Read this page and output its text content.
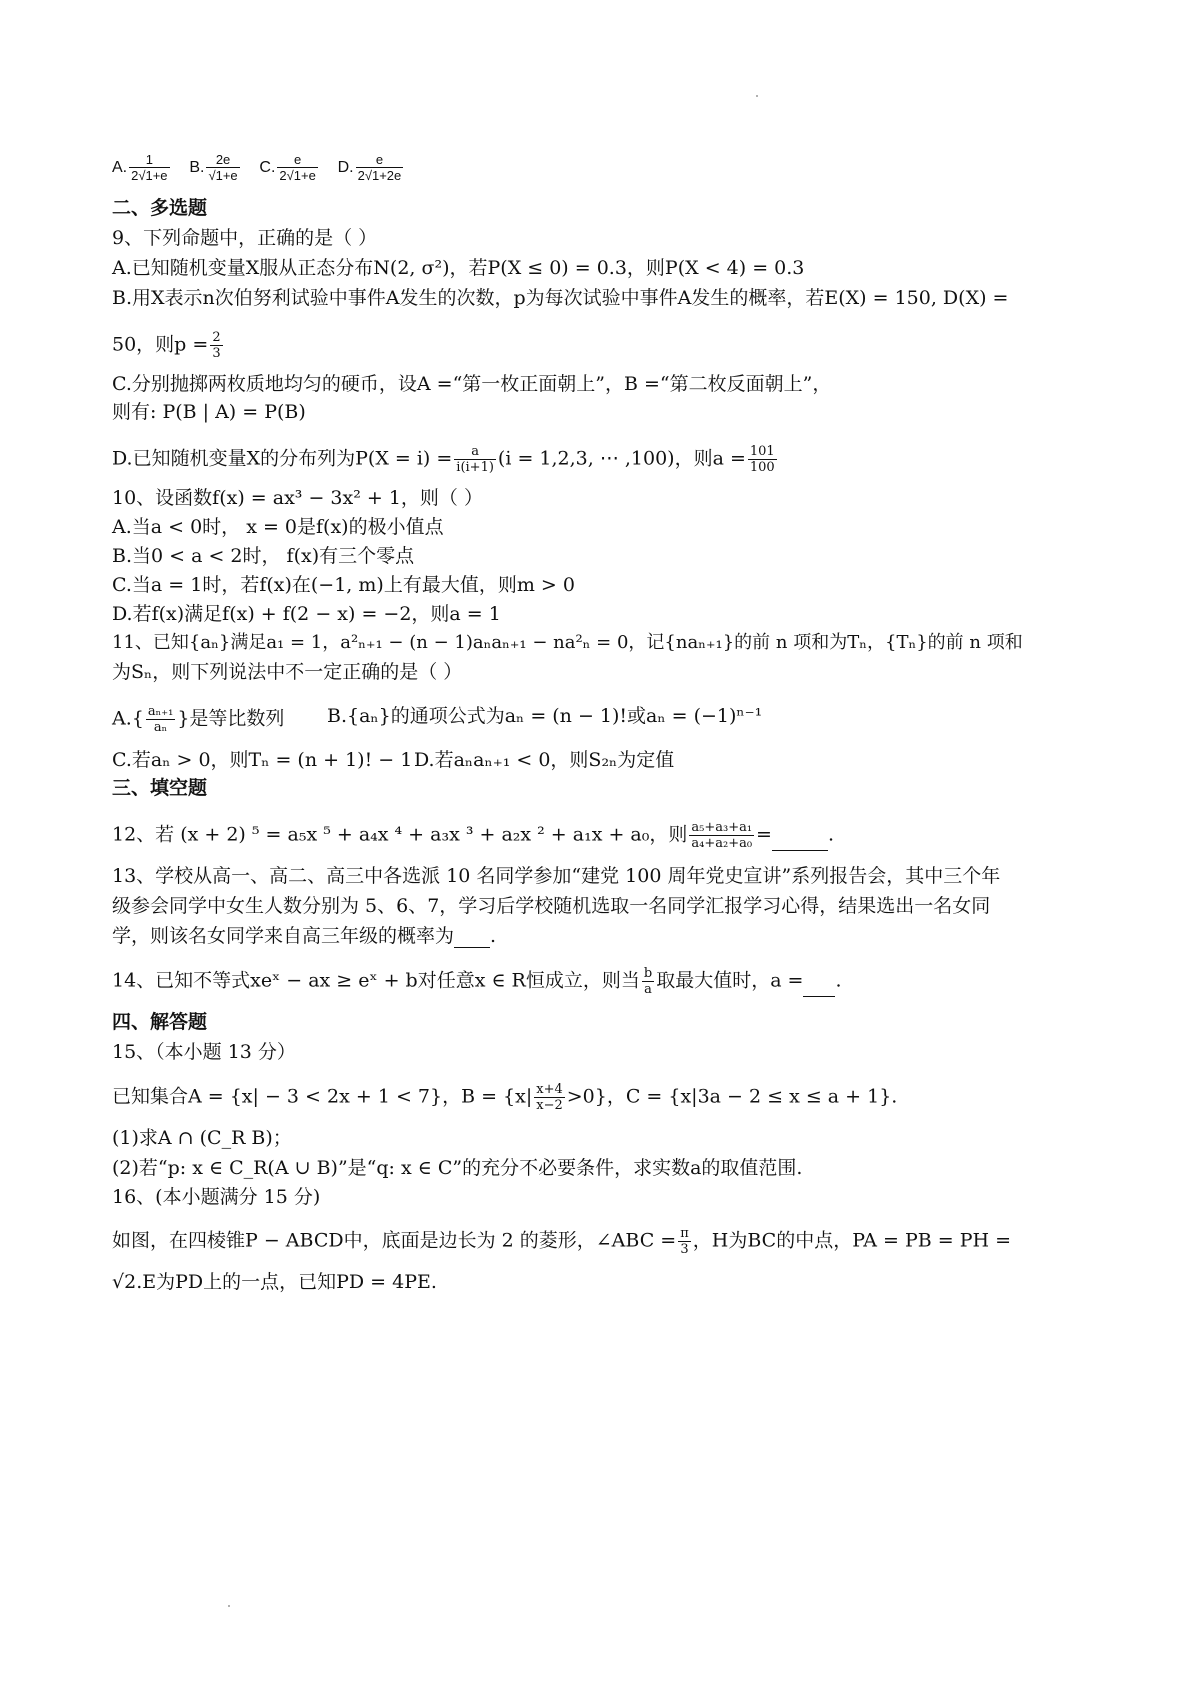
A. $\frac{1}{2√1+e} B$. $\frac{2e}{√1+e} C$. $\frac{e}{2√1+e} D$. $\frac{e}{2√1+2e}$
二、多选题
9、下列命题中，正确的是（ ）
A.已知随机变量X服从正态分布N(2, σ²)，若P(X ≤ 0) = 0.3，则P(X < 4) = 0.3
B.用X表示n次伯努利试验中事件A发生的次数，p为每次试验中事件A发生的概率，若E(X) = 150, D(X) =
50，则$p = \frac{2}{3}$
C.分别抛掷两枚质地均匀的硬币，设A =“第一枚正面朝上”，B =“第二枚反面朝上”，
则有: P(B | A) = P(B)
D.已知随机变量X的分布列为$P(X = i) = \frac{a}{i(i+1)} (i = 1,2,3$, ⋯ ,100)，则$a = \frac{101}{100}$
10、设函数f(x) = ax³ − 3x² + 1，则（ ）
A.当a < 0时， x = 0是f(x)的极小值点
B.当0 < a < 2时， f(x)有三个零点
C.当a = 1时，若f(x)在(−1, m)上有最大值，则m > 0
D.若f(x)满足f(x) + f(2 − x) = −2，则a = 1
11、已知{aₙ}满足a₁ = 1，a²ₙ₊₁ − (n − 1)aₙaₙ₊₁ − na²ₙ = 0，记{naₙ₊₁}的前 n 项和为Tₙ，{Tₙ}的前 n 项和
为Sₙ，则下列说法中不一定正确的是（ ）
$A.\{ \frac{\text{aₙ₊₁}}{\text{aₙ}}$ }是等比数列 B.{aₙ}的通项公式为aₙ = (n − 1)!或aₙ = (−1)ⁿ⁻¹
C.若aₙ > 0，则Tₙ = (n + 1)! − 1 D.若aₙaₙ₊₁ < 0，则S₂ₙ为定值
三、填空题
12、若 (x + 2) ⁵ = a₅x ⁵ + a₄x ⁴ + a₃x ³ + a₂x ² + a₁x + a₀，则 $\frac{\text{a₅+a₃+a₁}}{\text{a₄+a₂+a₀}}$ =	.
13、学校从高一、高二、高三中各选派 10 名同学参加“建党 100 周年党史宣讲”系列报告会，其中三个年
级参会同学中女生人数分别为 5、6、7，学习后学校随机选取一名同学汇报学习心得，结果选出一名女同
学，则该名女同学来自高三年级的概率为 .
14、已知不等式xeˣ − ax ≥ eˣ + b对任意x ∈ R恒成立，则当 $\frac{b}{a}$ 取最大值时，a = .
四、解答题
15、（本小题 13 分）
已知集合A = {x| − 3 < 2x + 1 < 7}，$B = \{x| \frac{x+4}{x-2} >0\}$，C = {x|3a − 2 ≤ x ≤ a + 1}.
(1)求A ∩ (C_R B)；
(2)若“p: x ∈ C_R(A ∪ B)”是“q: x ∈ C”的充分不必要条件，求实数a的取值范围.
16、(本小题满分 15 分)
如图，在四棱锥P − ABCD中，底面是边长为 2 的菱形，∠ABC = $\frac{\pi}{3}$ ，H为BC的中点，PA = PB = PH =
√2.E为PD上的一点，已知PD = 4PE.
